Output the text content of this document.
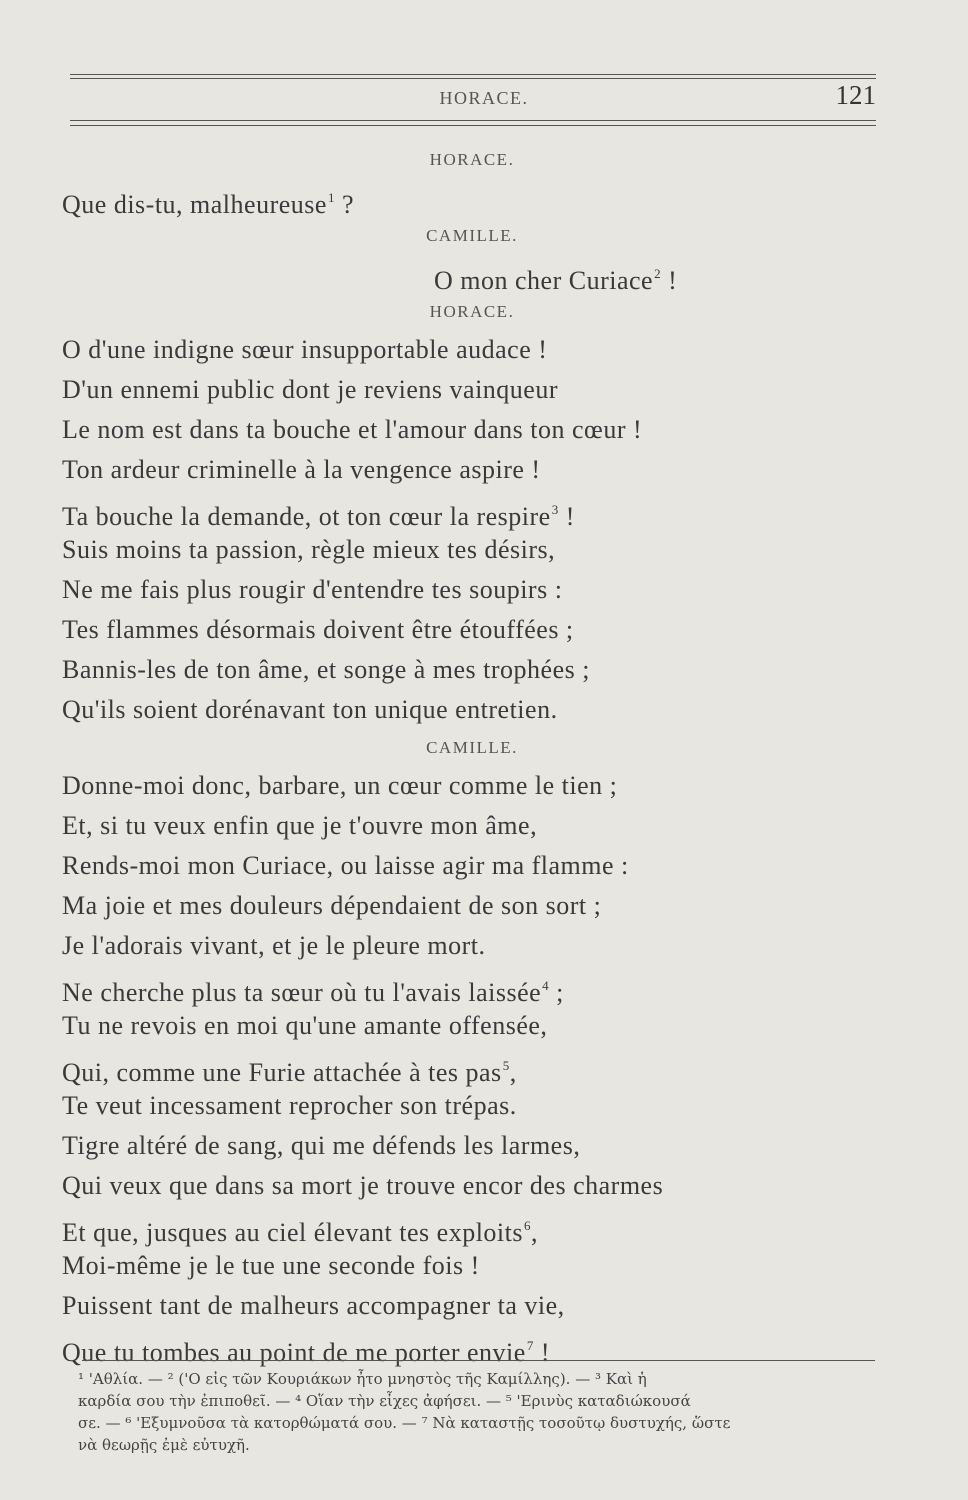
HORACE.	121
HORACE.
Que dis-tu, malheureuse$^1$ ?
CAMILLE.
O mon cher Curiace$^2$ !
HORACE.
O d'une indigne sœur insupportable audace !
D'un ennemi public dont je reviens vainqueur
Le nom est dans ta bouche et l'amour dans ton cœur !
Ton ardeur criminelle à la vengence aspire !
Ta bouche la demande, ot ton cœur la respire$^3$ !
Suis moins ta passion, règle mieux tes désirs,
Ne me fais plus rougir d'entendre tes soupirs :
Tes flammes désormais doivent être étouffées ;
Bannis-les de ton âme, et songe à mes trophées ;
Qu'ils soient dorénavant ton unique entretien.
CAMILLE.
Donne-moi donc, barbare, un cœur comme le tien ;
Et, si tu veux enfin que je t'ouvre mon âme,
Rends-moi mon Curiace, ou laisse agir ma flamme :
Ma joie et mes douleurs dépendaient de son sort ;
Je l'adorais vivant, et je le pleure mort.
Ne cherche plus ta sœur où tu l'avais laissée$^4$ ;
Tu ne revois en moi qu'une amante offensée,
Qui, comme une Furie attachée à tes pas$^5$,
Te veut incessament reprocher son trépas.
Tigre altéré de sang, qui me défends les larmes,
Qui veux que dans sa mort je trouve encor des charmes
Et que, jusques au ciel élevant tes exploits$^6$,
Moi-même je le tue une seconde fois !
Puissent tant de malheurs accompagner ta vie,
Que tu tombes au point de me porter envie$^7$ !
¹ 'Αθλία. — ² ('Ο εἰς τῶν Κουριάκων ἦτο μνηστὸς τῆς Καμίλλης). — ³ Καὶ ἡ
καρδία σου τὴν ἐπιποθεῖ. — ⁴ Οἵαν τὴν εἶχες ἀφήσει. — ⁵ 'Ερινὺς καταδιώκουσά
σε. — ⁶ 'Εξυμνοῦσα τὰ κατορθώματά σου. — ⁷ Νὰ καταστῇς τοσοῦτῳ δυστυχής, ὥστε
νὰ θεωρῇς ἐμὲ εὐτυχῆ.
